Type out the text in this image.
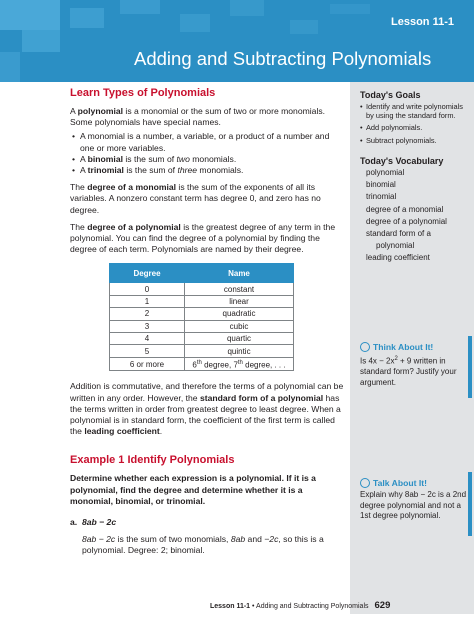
Lesson 11-1
Adding and Subtracting Polynomials
Learn Types of Polynomials

A polynomial is a monomial or the sum of two or more monomials. Some polynomials have special names.

• A monomial is a number, a variable, or a product of a number and one or more variables.
• A binomial is the sum of two monomials.
• A trinomial is the sum of three monomials.

The degree of a monomial is the sum of the exponents of all its variables. A nonzero constant term has degree 0, and zero has no degree.

The degree of a polynomial is the greatest degree of any term in the polynomial. You can find the degree of a polynomial by finding the degree of each term. Polynomials are named by their degree.

Degree	Name
0	constant
1	linear
2	quadratic
3	cubic
4	quartic
5	quintic
6 or more	6th degree, 7th degree, . . .

Addition is commutative, and therefore the terms of a polynomial can be written in any order. However, the standard form of a polynomial has the terms written in order from greatest degree to least degree. When a polynomial is in standard form, the coefficient of the first term is called the leading coefficient.

Example 1 Identify Polynomials

Determine whether each expression is a polynomial. If it is a polynomial, find the degree and determine whether it is a monomial, binomial, or trinomial.

a. 8ab − 2c
8ab − 2c is the sum of two monomials, 8ab and −2c, so this is a polynomial. Degree: 2; binomial.
Today's Goals
• Identify and write polynomials by using the standard form.
• Add polynomials.
• Subtract polynomials.
Today's Vocabulary
polynomial
binomial
trinomial
degree of a monomial
degree of a polynomial
standard form of a
polynomial
leading coefficient
Think About It!
Is $4x - 2x^2 + 9$ written in standard form? Justify your argument.
Talk About It!
Explain why 8ab − 2c is a 2nd degree polynomial and not a 1st degree polynomial.
Lesson 11-1 • Adding and Subtracting Polynomials 629
